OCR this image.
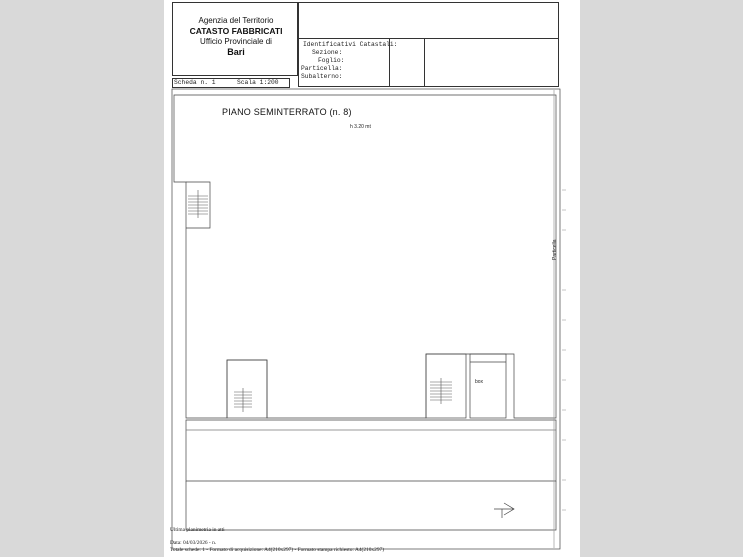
Agenzia del Territorio
CATASTO FABBRICATI
Ufficio Provinciale di
Bari
Identificativi Catastali:
Sezione:
Foglio:
Particella:
Subalterno:
Scheda n. 1	Scala 1:200
PIANO SEMINTERRATO (n. 8)
h 3.20 mt
box
Particella
Ultima planimetria in atti
Data: 04/03/2026 - n.
Totale schede: 1 - Formato di acquisizione: A4(210x297) - Formato stampa richiesto: A4(210x297)
